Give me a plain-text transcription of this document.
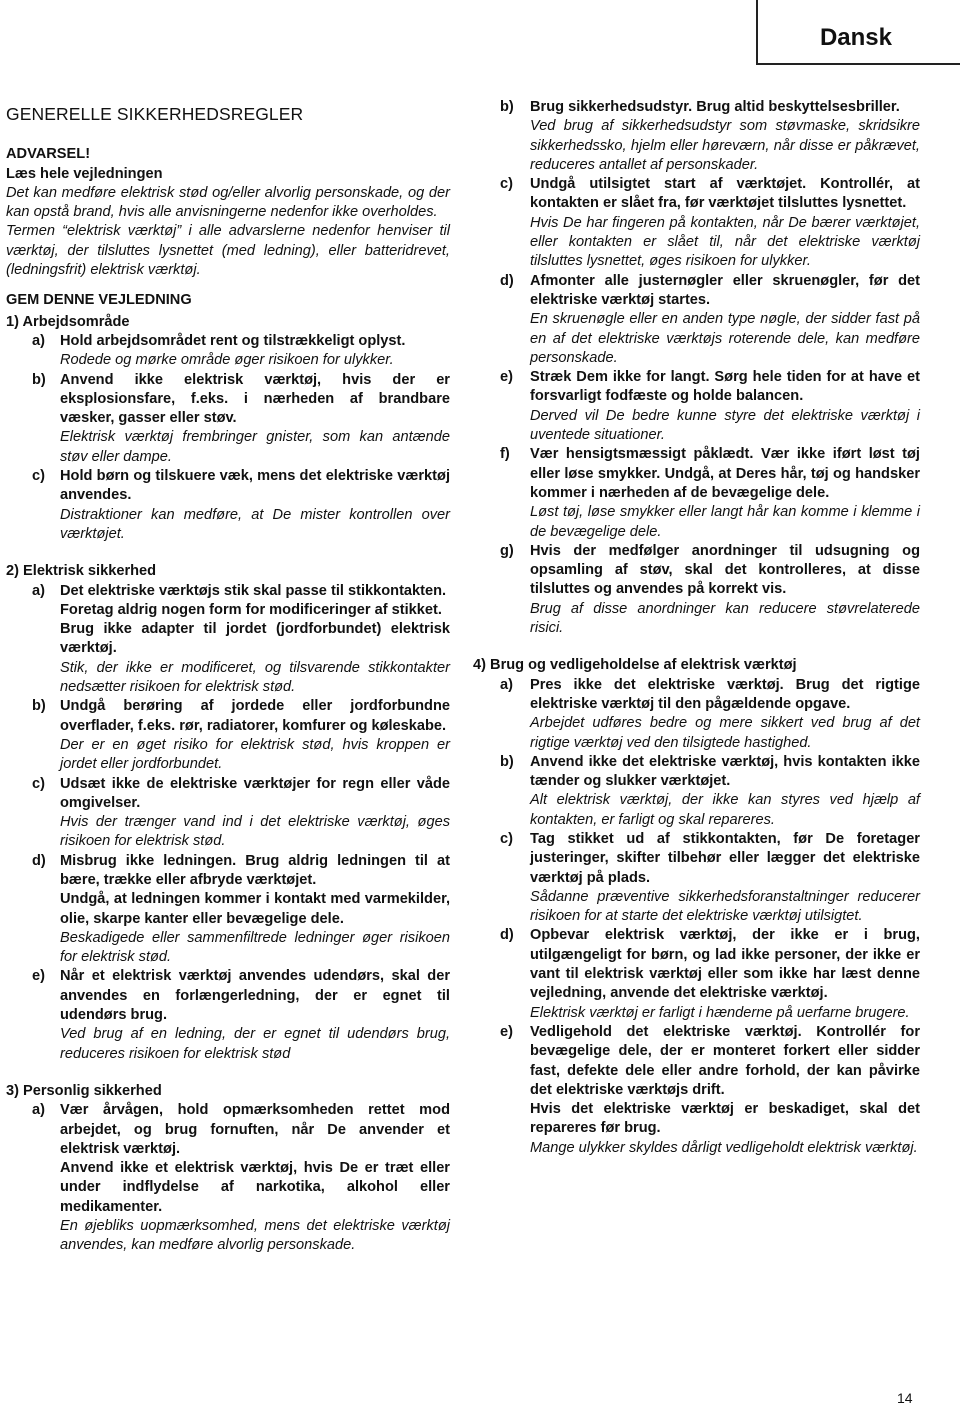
Dansk
GENERELLE SIKKERHEDSREGLER

ADVARSEL!

Læs hele vejledningen

Det kan medføre elektrisk stød og/eller alvorlig personskade, og der kan opstå brand, hvis alle anvisningerne nedenfor ikke overholdes.

Termen “elektrisk værktøj” i alle advarslerne nedenfor henviser til værktøj, der tilsluttes lysnettet (med ledning), eller batteridrevet, (ledningsfrit) elektrisk værktøj.

GEM DENNE VEJLEDNING

1) Arbejdsområde

a) Hold arbejdsområdet rent og tilstrækkeligt oplyst.

Rodede og mørke område øger risikoen for ulykker.

b) Anvend ikke elektrisk værktøj, hvis der er eksplosionsfare, f.eks. i nærheden af brandbare væsker, gasser eller støv.

Elektrisk værktøj frembringer gnister, som kan antænde støv eller dampe.

c) Hold børn og tilskuere væk, mens det elektriske værktøj anvendes.

Distraktioner kan medføre, at De mister kontrollen over værktøjet.

2) Elektrisk sikkerhed

a) Det elektriske værktøjs stik skal passe til stikkontakten.

Foretag aldrig nogen form for modificeringer af stikket.

Brug ikke adapter til jordet (jordforbundet) elektrisk værktøj.

Stik, der ikke er modificeret, og tilsvarende stikkontakter nedsætter risikoen for elektrisk stød.

b) Undgå berøring af jordede eller jordforbundne overflader, f.eks. rør, radiatorer, komfurer og køleskabe.

Der er en øget risiko for elektrisk stød, hvis kroppen er jordet eller jordforbundet.

c) Udsæt ikke de elektriske værktøjer for regn eller våde omgivelser.

Hvis der trænger vand ind i det elektriske værktøj, øges risikoen for elektrisk stød.

d) Misbrug ikke ledningen. Brug aldrig ledningen til at bære, trække eller afbryde værktøjet.

Undgå, at ledningen kommer i kontakt med varmekilder, olie, skarpe kanter eller bevægelige dele.

Beskadigede eller sammenfiltrede ledninger øger risikoen for elektrisk stød.

e) Når et elektrisk værktøj anvendes udendørs, skal der anvendes en forlængerledning, der er egnet til udendørs brug.

Ved brug af en ledning, der er egnet til udendørs brug, reduceres risikoen for elektrisk stød

3) Personlig sikkerhed

a) Vær årvågen, hold opmærksomheden rettet mod arbejdet, og brug fornuften, når De anvender et elektrisk værktøj.

Anvend ikke et elektrisk værktøj, hvis De er træt eller under indflydelse af narkotika, alkohol eller medikamenter.

En øjebliks uopmærksomhed, mens det elektriske værktøj anvendes, kan medføre alvorlig personskade.

b) Brug sikkerhedsudstyr. Brug altid beskyttelsesbriller.

Ved brug af sikkerhedsudstyr som støvmaske, skridsikre sikkerhedssko, hjelm eller høreværn, når disse er påkrævet, reduceres antallet af personskader.

c) Undgå utilsigtet start af værktøjet. Kontrollér, at kontakten er slået fra, før værktøjet tilsluttes lysnettet.

Hvis De har fingeren på kontakten, når De bærer værktøjet, eller kontakten er slået til, når det elektriske værktøj tilsluttes lysnettet, øges risikoen for ulykker.

d) Afmonter alle justernøgler eller skruenøgler, før det elektriske værktøj startes.

En skruenøgle eller en anden type nøgle, der sidder fast på en af det elektriske værktøjs roterende dele, kan medføre personskade.

e) Stræk Dem ikke for langt. Sørg hele tiden for at have et forsvarligt fodfæste og holde balancen.

Derved vil De bedre kunne styre det elektriske værktøj i uventede situationer.

f) Vær hensigtsmæssigt påklædt. Vær ikke iført løst tøj eller løse smykker. Undgå, at Deres hår, tøj og handsker kommer i nærheden af de bevægelige dele.

Løst tøj, løse smykker eller langt hår kan komme i klemme i de bevægelige dele.

g) Hvis der medfølger anordninger til udsugning og opsamling af støv, skal det kontrolleres, at disse tilsluttes og anvendes på korrekt vis.

Brug af disse anordninger kan reducere støvrelaterede risici.

4) Brug og vedligeholdelse af elektrisk værktøj

a) Pres ikke det elektriske værktøj. Brug det rigtige elektriske værktøj til den pågældende opgave.

Arbejdet udføres bedre og mere sikkert ved brug af det rigtige værktøj ved den tilsigtede hastighed.

b) Anvend ikke det elektriske værktøj, hvis kontakten ikke tænder og slukker værktøjet.

Alt elektrisk værktøj, der ikke kan styres ved hjælp af kontakten, er farligt og skal repareres.

c) Tag stikket ud af stikkontakten, før De foretager justeringer, skifter tilbehør eller lægger det elektriske værktøj på plads.

Sådanne præventive sikkerhedsforanstaltninger reducerer risikoen for at starte det elektriske værktøj utilsigtet.

d) Opbevar elektrisk værktøj, der ikke er i brug, utilgængeligt for børn, og lad ikke personer, der ikke er vant til elektrisk værktøj eller som ikke har læst denne vejledning, anvende det elektriske værktøj.

Elektrisk værktøj er farligt i hænderne på uerfarne brugere.

e) Vedligehold det elektriske værktøj. Kontrollér for bevægelige dele, der er monteret forkert eller sidder fast, defekte dele eller andre forhold, der kan påvirke det elektriske værktøjs drift.

Hvis det elektriske værktøj er beskadiget, skal det repareres før brug.

Mange ulykker skyldes dårligt vedligeholdt elektrisk værktøj.

14
